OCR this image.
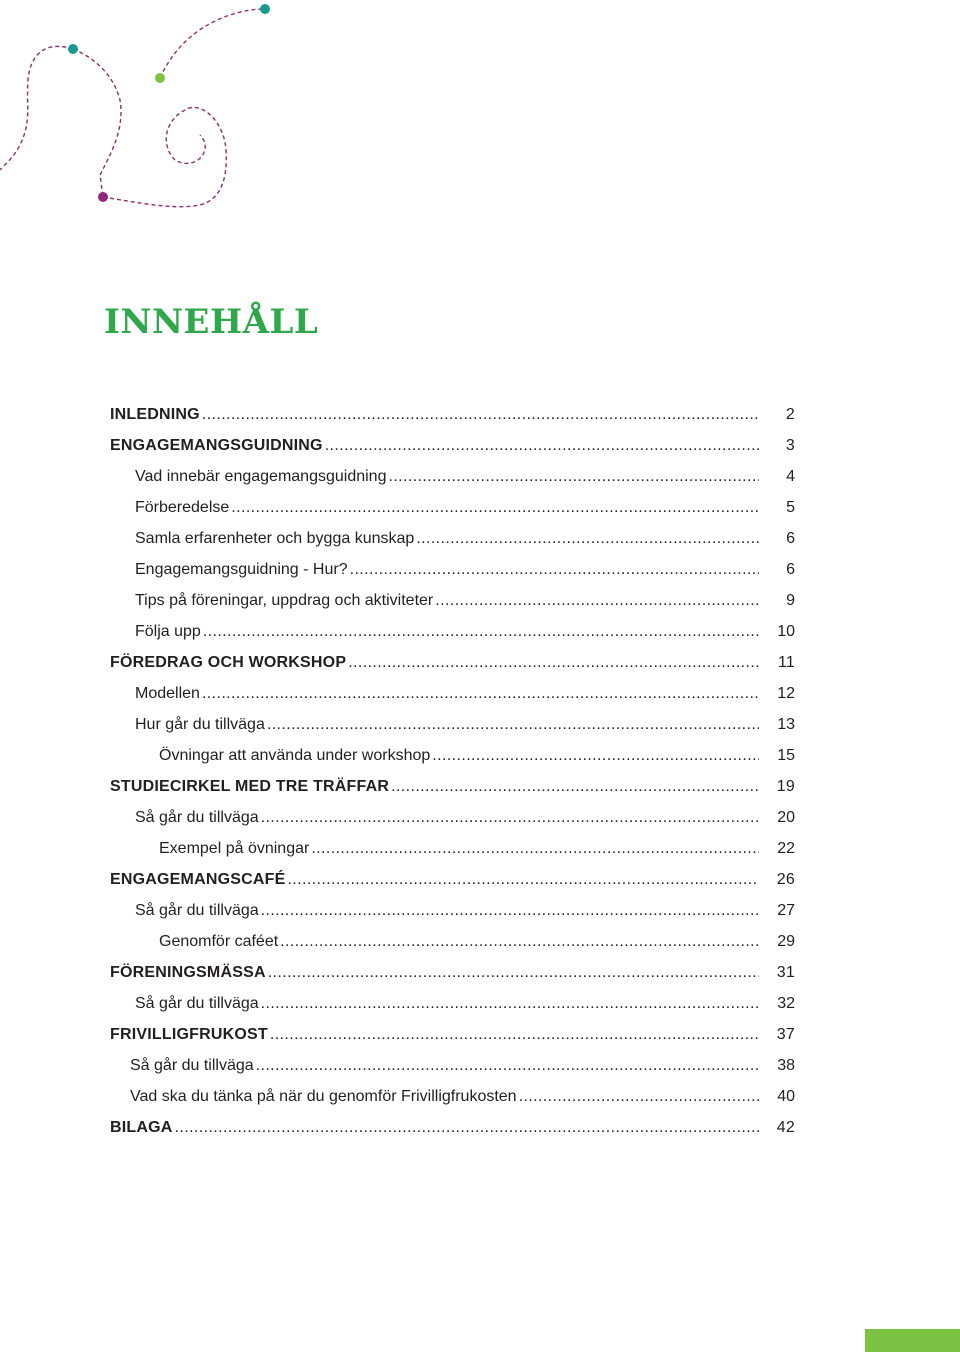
INNEHÅLL
INLEDNING .....	2
ENGAGEMANGSGUIDNING .....	3
Vad innebär engagemangsguidning .....	4
Förberedelse .....	5
Samla erfarenheter och bygga kunskap .....	6
Engagemangsguidning - Hur? .....	6
Tips på föreningar, uppdrag och aktiviteter .....	9
Följa upp .....	10
FÖREDRAG OCH WORKSHOP .....	11
Modellen .....	12
Hur går du tillväga .....	13
Övningar att använda under workshop .....	15
STUDIECIRKEL MED TRE TRÄFFAR .....	19
Så går du tillväga .....	20
Exempel på övningar .....	22
ENGAGEMANGSCAFÉ .....	26
Så går du tillväga .....	27
Genomför caféet .....	29
FÖRENINGSMÄSSA .....	31
Så går du tillväga .....	32
FRIVILLIGFRUKOST .....	37
Så går du tillväga .....	38
Vad ska du tänka på när du genomför Frivilligfrukosten .....	40
BILAGA .....	42
